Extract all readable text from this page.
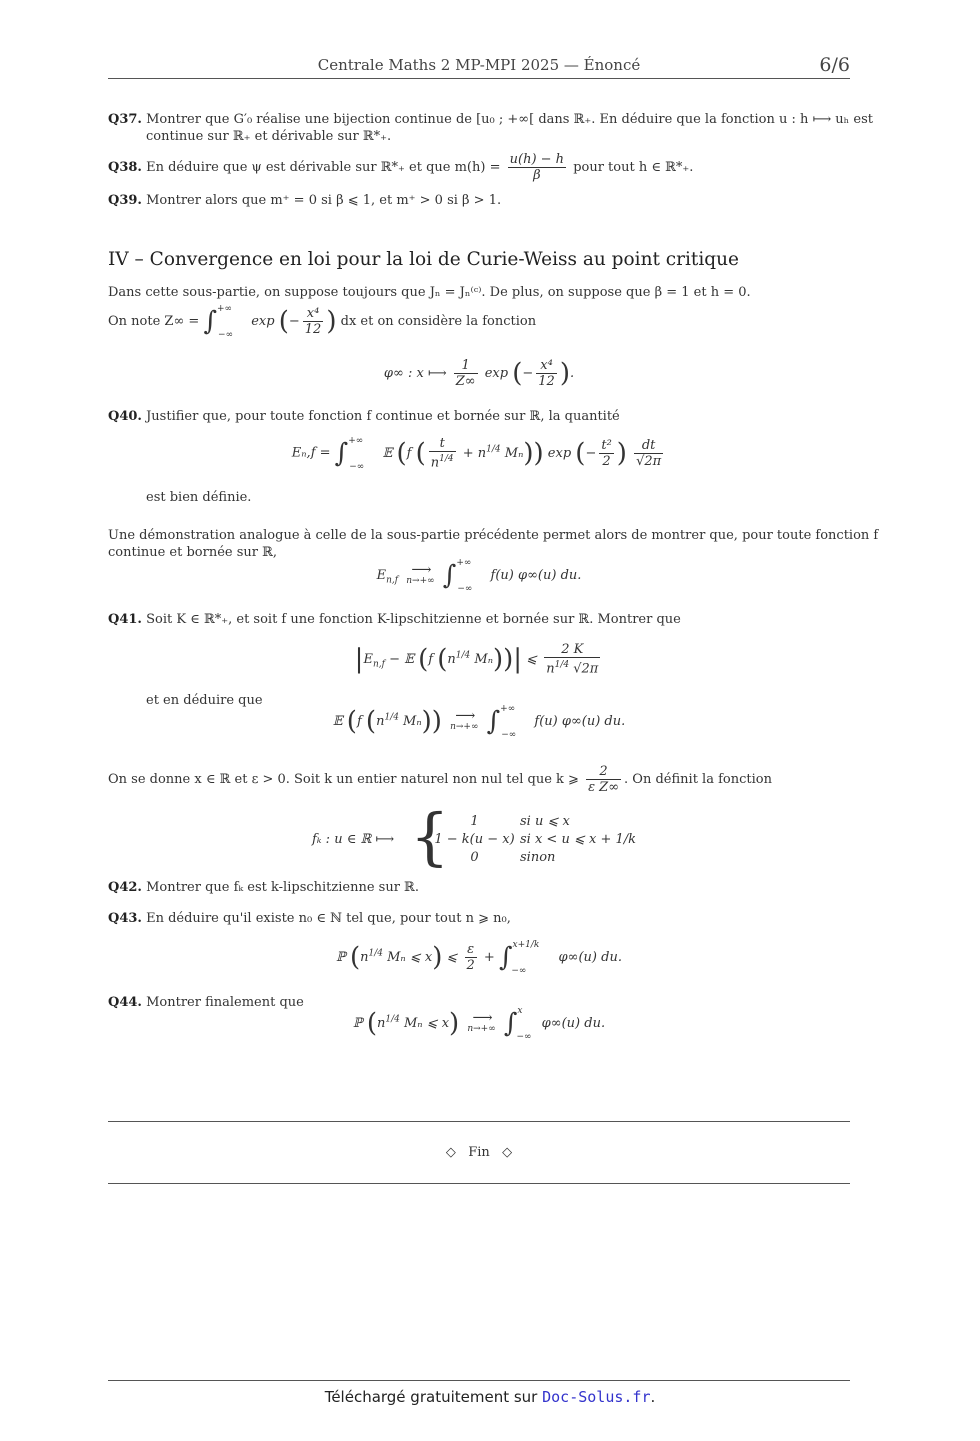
Centrale Maths 2 MP-MPI 2025 — Énoncé	6/6
Q37. Montrer que G′₀ réalise une bijection continue de [u₀ ; +∞[ dans ℝ₊. En déduire que la fonction u : h ⟼ uₕ est
continue sur ℝ₊ et dérivable sur ℝ*₊.
Q38. En déduire que ψ est dérivable sur ℝ*₊ et que $m(h) = \frac{u(h) - h}{\beta}$ pour tout h ∈ ℝ*₊.
Q39. Montrer alors que m⁺ = 0 si β ⩽ 1, et m⁺ > 0 si β > 1.
IV – Convergence en loi pour la loi de Curie-Weiss au point critique
Dans cette sous-partie, on suppose toujours que Jₙ = Jₙ⁽ᶜ⁾. De plus, on suppose que β = 1 et h = 0.
On note $Z\infty = \int^{+\infty}_{-\infty}$ exp (− $\frac{\text{x⁴}}{12}$ ) dx et on considère la fonction
φ∞ : x ⟼ $\frac{1}{Z\infty}$ exp (− $\frac{\text{x⁴}}{12}$ ).
Q40. Justifier que, pour toute fonction f continue et bornée sur ℝ, la quantité
$E_n,f = \int^{+\infty}_{-\infty}$ 𝔼 (f ( $\frac{t}{n^{1/4}} + n^{1/4}$ Mₙ)) exp (− $\frac{\text{t²}}{2}$ ) $\frac{dt}{√2\pi}$
est bien définie.
Une démonstration analogue à celle de la sous-partie précédente permet alors de montrer que, pour toute fonction f
continue et bornée sur ℝ,
$E_{n,f}$
⟶
n→+∞ $\int^{+\infty}_{-\infty}$ f(u) φ∞(u) du.
Q41. Soit K ∈ ℝ*₊, et soit f une fonction K-lipschitzienne et bornée sur ℝ. Montrer que
$|E_{n,f}$ − 𝔼 (f ($n^{1/4}$ Mₙ))| ⩽ $\frac{2 K}{n^{1/4} √2\pi}$
et en déduire que
𝔼 (f ($n^{1/4}$ Mₙ)) ⟶
n→+∞ $\int^{+\infty}_{-\infty}$ f(u) φ∞(u) du.
On se donne x ∈ ℝ et ε > 0. Soit k un entier naturel non nul tel que k ⩾ $\frac{2}{\text{ε Z∞}}$ . On définit la fonction
fₖ : u ∈ ℝ ⟼ {	1	si u ⩽ x
1 − k(u − x) si x < u ⩽ x + 1/k
0	sinon
Q42. Montrer que fₖ est k-lipschitzienne sur ℝ.
Q43. En déduire qu'il existe n₀ ∈ ℕ tel que, pour tout n ⩾ n₀,
ℙ ($n^{1/4}$ Mₙ ⩽ x) ⩽ $\frac{\varepsilon}{2} + \int^{x+1/k}_{-\infty}$ φ∞(u) du.
Q44. Montrer finalement que
ℙ ($n^{1/4}$ Mₙ ⩽ x) ⟶
n→+∞ ∫$^x_{-\infty}$ φ∞(u) du.
◇   Fin   ◇
Téléchargé gratuitement sur Doc-Solus.fr.
